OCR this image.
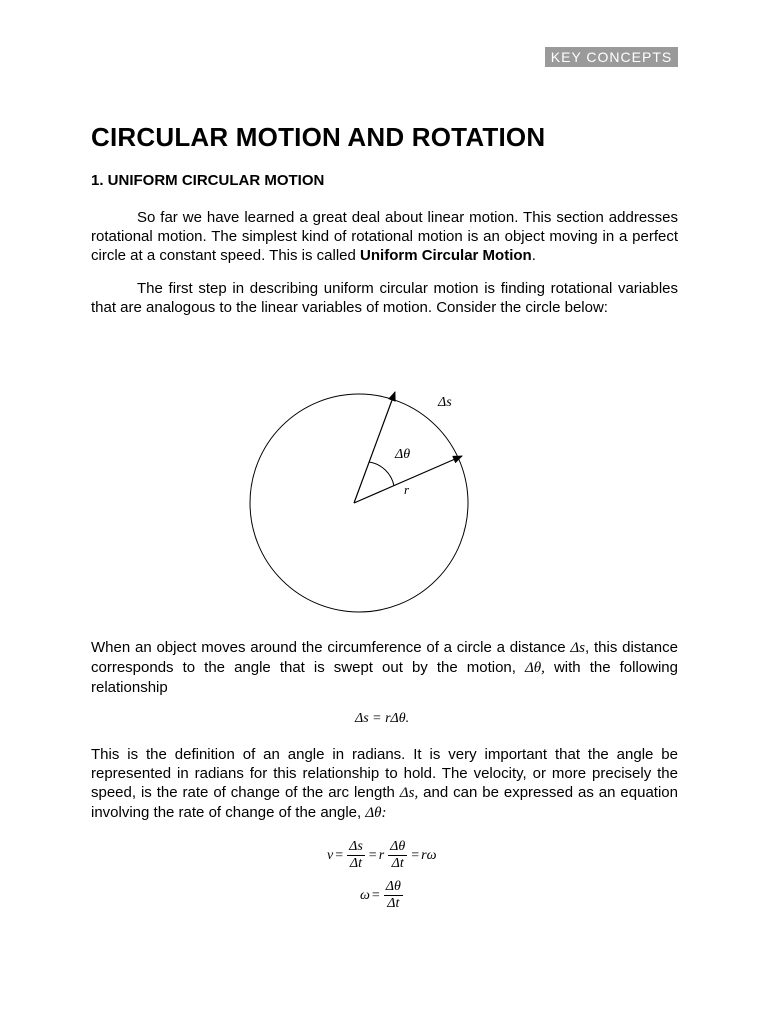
KEY CONCEPTS
CIRCULAR MOTION AND ROTATION
1. UNIFORM CIRCULAR MOTION

So far we have learned a great deal about linear motion. This section addresses rotational motion. The simplest kind of rotational motion is an object moving in a perfect circle at a constant speed. This is called Uniform Circular Motion.

The first step in describing uniform circular motion is finding rotational variables that are analogous to the linear variables of motion. Consider the circle below:

Δs
Δθ
r

When an object moves around the circumference of a circle a distance Δs, this distance corresponds to the angle that is swept out by the motion, Δθ, with the following relationship

Δs = rΔθ.

This is the definition of an angle in radians. It is very important that the angle be represented in radians for this relationship to hold. The velocity, or more precisely the speed, is the rate of change of the arc length Δs, and can be expressed as an equation involving the rate of change of the angle, Δθ:

$v = \frac{\Delta s}{\Delta t} = r \frac{\Delta\theta}{\Delta t} = r\omega$
$\omega = \frac{\Delta\theta}{\Delta t}$
